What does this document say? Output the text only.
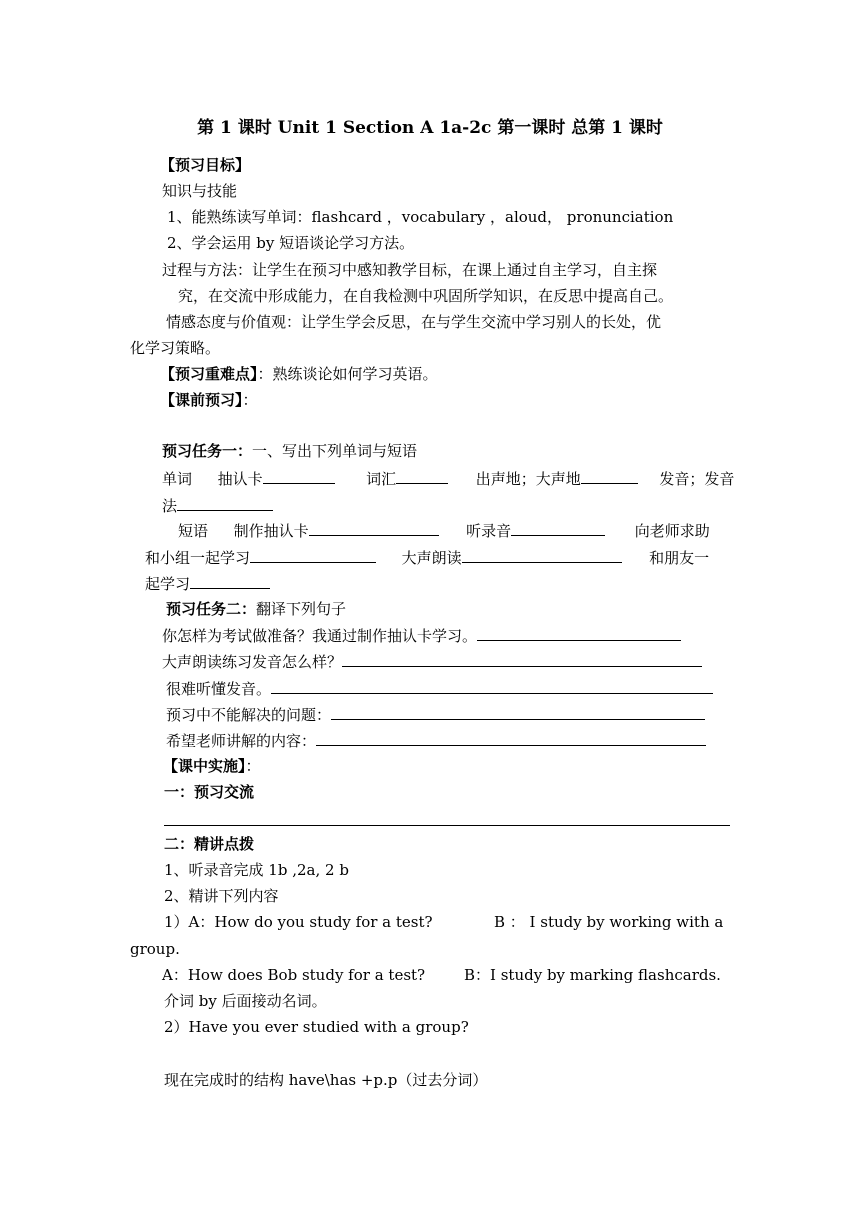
第 1 课时 Unit 1 Section A 1a-2c 第一课时 总第 1 课时
【预习目标】
知识与技能
1、能熟练读写单词：flashcard ，vocabulary ，aloud， pronunciation
2、学会运用 by 短语谈论学习方法。
过程与方法：让学生在预习中感知教学目标，在课上通过自主学习，自主探
究，在交流中形成能力，在自我检测中巩固所学知识，在反思中提高自己。
情感态度与价值观：让学生学会反思，在与学生交流中学习别人的长处，优
化学习策略。
【预习重难点】：熟练谈论如何学习英语。
【课前预习】：
预习任务一：一、写出下列单词与短语
单词 抽认卡	词汇	出声地；大声地	发音；发音
法
短语 制作抽认卡	听录音	向老师求助
和小组一起学习	大声朗读	和朋友一
起学习
预习任务二：翻译下列句子
你怎样为考试做准备？我通过制作抽认卡学习。
大声朗读练习发音怎么样？
很难听懂发音。
预习中不能解决的问题：
希望老师讲解的内容：
【课中实施】：
一：预习交流
二：精讲点拨
1、听录音完成 1b ,2a, 2 b
2、精讲下列内容
1）A：How do you study for a test?	B ： I study by working with a
group.
A：How does Bob study for a test?	B：I study by marking flashcards.
介词 by 后面接动名词。
2）Have you ever studied with a group?
现在完成时的结构 have\has +p.p（过去分词）
